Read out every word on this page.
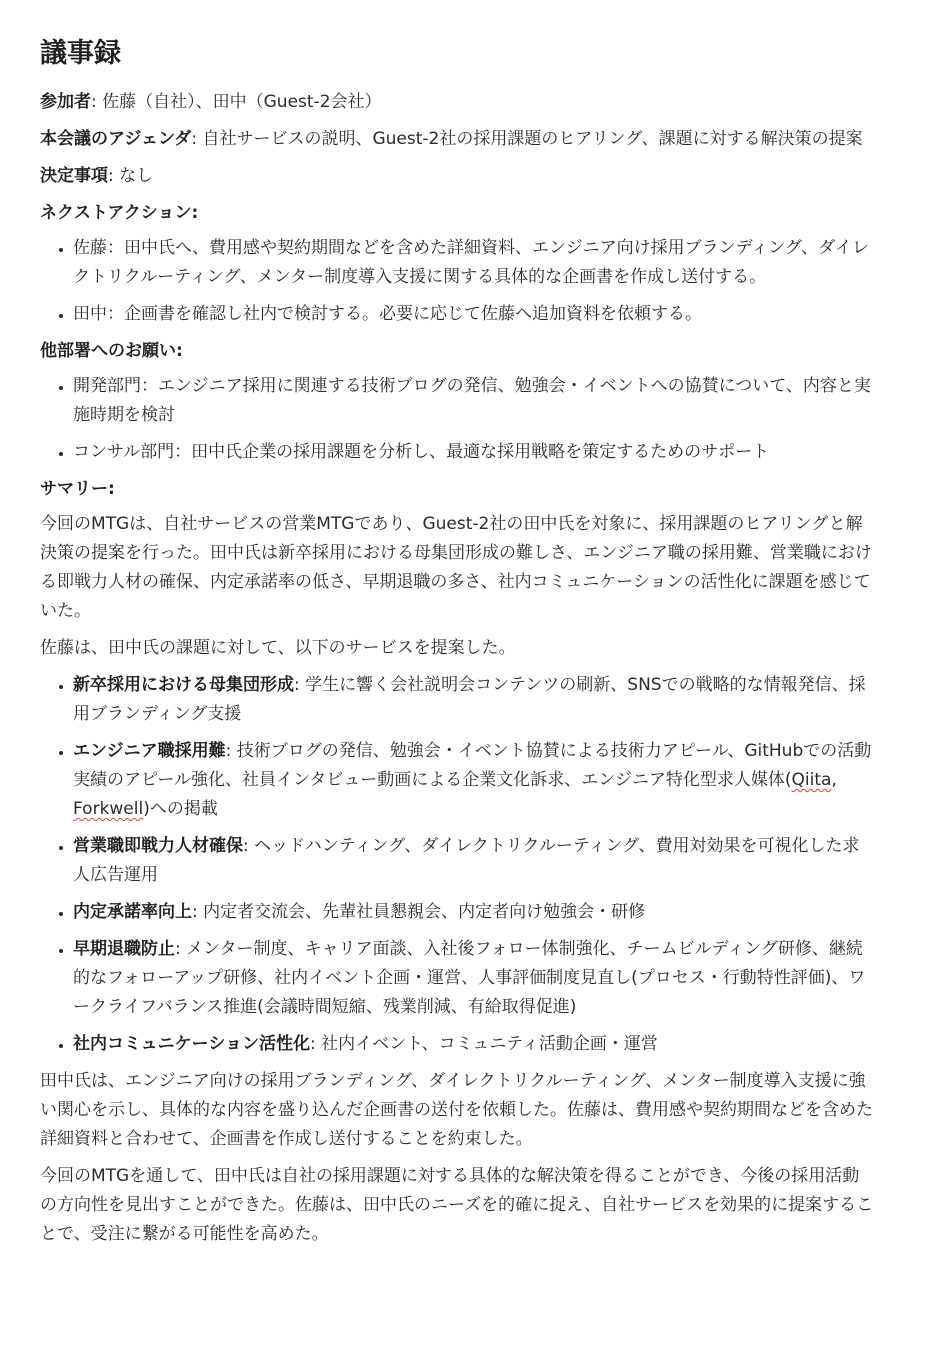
議事録

参加者: 佐藤（自社）、田中（Guest-2会社）

本会議のアジェンダ: 自社サービスの説明、Guest-2社の採用課題のヒアリング、課題に対する解決策の提案

決定事項: なし

ネクストアクション:

• 佐藤：田中氏へ、費用感や契約期間などを含めた詳細資料、エンジニア向け採用ブランディング、ダイレクトリクルーティング、メンター制度導入支援に関する具体的な企画書を作成し送付する。
• 田中：企画書を確認し社内で検討する。必要に応じて佐藤へ追加資料を依頼する。

他部署へのお願い:

• 開発部門：エンジニア採用に関連する技術ブログの発信、勉強会・イベントへの協賛について、内容と実施時期を検討
• コンサル部門：田中氏企業の採用課題を分析し、最適な採用戦略を策定するためのサポート

サマリー:

今回のMTGは、自社サービスの営業MTGであり、Guest-2社の田中氏を対象に、採用課題のヒアリングと解決策の提案を行った。田中氏は新卒採用における母集団形成の難しさ、エンジニア職の採用難、営業職における即戦力人材の確保、内定承諾率の低さ、早期退職の多さ、社内コミュニケーションの活性化に課題を感じていた。

佐藤は、田中氏の課題に対して、以下のサービスを提案した。

• 新卒採用における母集団形成: 学生に響く会社説明会コンテンツの刷新、SNSでの戦略的な情報発信、採用ブランディング支援
• エンジニア職採用難: 技術ブログの発信、勉強会・イベント協賛による技術力アピール、GitHubでの活動実績のアピール強化、社員インタビュー動画による企業文化訴求、エンジニア特化型求人媒体(Qiita, Forkwell)への掲載
• 営業職即戦力人材確保: ヘッドハンティング、ダイレクトリクルーティング、費用対効果を可視化した求人広告運用
• 内定承諾率向上: 内定者交流会、先輩社員懇親会、内定者向け勉強会・研修
• 早期退職防止: メンター制度、キャリア面談、入社後フォロー体制強化、チームビルディング研修、継続的なフォローアップ研修、社内イベント企画・運営、人事評価制度見直し(プロセス・行動特性評価)、ワークライフバランス推進(会議時間短縮、残業削減、有給取得促進)
• 社内コミュニケーション活性化: 社内イベント、コミュニティ活動企画・運営

田中氏は、エンジニア向けの採用ブランディング、ダイレクトリクルーティング、メンター制度導入支援に強い関心を示し、具体的な内容を盛り込んだ企画書の送付を依頼した。佐藤は、費用感や契約期間などを含めた詳細資料と合わせて、企画書を作成し送付することを約束した。

今回のMTGを通して、田中氏は自社の採用課題に対する具体的な解決策を得ることができ、今後の採用活動の方向性を見出すことができた。佐藤は、田中氏のニーズを的確に捉え、自社サービスを効果的に提案することで、受注に繋がる可能性を高めた。
